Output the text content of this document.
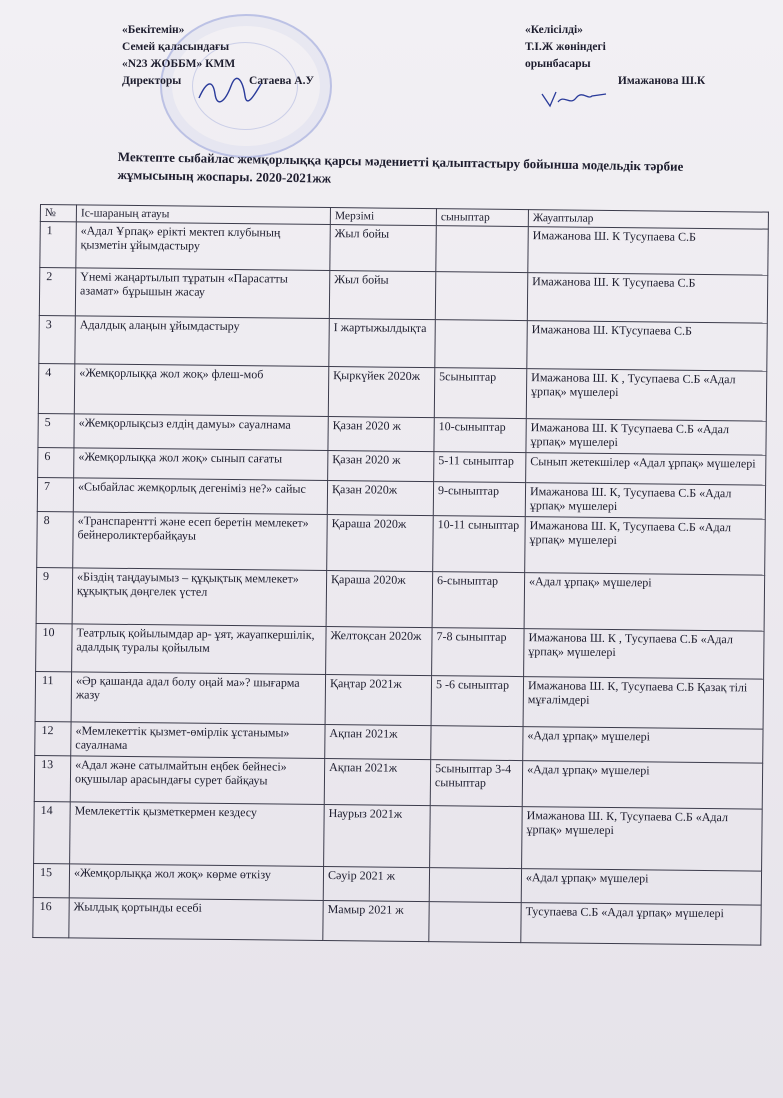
«Бекітемін»
Семей қаласындағы
«N23 ЖОББМ» КММ
Директоры	Сатаева А.У
«Келісілді»
Т.І.Ж жөніндегі
орынбасары
Имажанова Ш.К
Мектепте сыбайлас жемқорлыққа қарсы мәдениетті қалыптастыру бойынша модельдік тәрбие жұмысының жоспары. 2020-2021жж
№	Іс-шараның атауы	Мерзімі	сыныптар	Жауаптылар
1	«Адал Ұрпақ» ерікті мектеп клубының қызметін ұйымдастыру	Жыл бойы		Имажанова Ш. К Тусупаева С.Б
2	Үнемі жаңартылып тұратын «Парасатты азамат» бұрышын жасау	Жыл бойы		Имажанова Ш. К Тусупаева С.Б
3	Адалдық алаңын ұйымдастыру	І жартыжылдықта		Имажанова Ш. КТусупаева С.Б
4	«Жемқорлыққа жол жоқ» флеш-моб	Қыркүйек 2020ж	5сыныптар	Имажанова Ш. К , Тусупаева С.Б «Адал ұрпақ» мүшелері
5	«Жемқорлықсыз елдің дамуы» сауалнама	Қазан 2020 ж	10-сыныптар	Имажанова Ш. К Тусупаева С.Б «Адал ұрпақ» мүшелері
6	«Жемқорлыққа жол жоқ» сынып сағаты	Қазан 2020 ж	5-11 сыныптар	Сынып жетекшілер «Адал ұрпақ» мүшелері
7	«Сыбайлас жемқорлық дегеніміз не?» сайыс	Қазан 2020ж	9-сыныптар	Имажанова Ш. К, Тусупаева С.Б «Адал ұрпақ» мүшелері
8	«Транспарентті және есеп беретін мемлекет» бейнероликтербайқауы	Қараша 2020ж	10-11 сыныптар	Имажанова Ш. К, Тусупаева С.Б «Адал ұрпақ» мүшелері
9	«Біздің таңдауымыз – құқықтық мемлекет» құқықтық дөңгелек үстел	Қараша 2020ж	6-сыныптар	«Адал ұрпақ» мүшелері
10	Театрлық қойылымдар ар- ұят, жауапкершілік, адалдық туралы қойылым	Желтоқсан 2020ж	7-8 сыныптар	Имажанова Ш. К , Тусупаева С.Б «Адал ұрпақ» мүшелері
11	«Әр қашанда адал болу оңай ма»? шығарма жазу	Қаңтар 2021ж	5 -6 сыныптар	Имажанова Ш. К, Тусупаева С.Б Қазақ тілі мұғалімдері
12	«Мемлекеттік қызмет-өмірлік ұстанымы» сауалнама	Ақпан 2021ж		«Адал ұрпақ» мүшелері
13	«Адал және сатылмайтын еңбек бейнесі» оқушылар арасындағы сурет байқауы	Ақпан 2021ж	5сыныптар 3-4 сыныптар	«Адал ұрпақ» мүшелері
14	Мемлекеттік қызметкермен кездесу	Наурыз 2021ж		Имажанова Ш. К, Тусупаева С.Б «Адал ұрпақ» мүшелері
15	«Жемқорлыққа жол жоқ» көрме өткізу	Сәуір 2021 ж		«Адал ұрпақ» мүшелері
16	Жылдық қортынды есебі	Мамыр 2021 ж		Тусупаева С.Б «Адал ұрпақ» мүшелері
